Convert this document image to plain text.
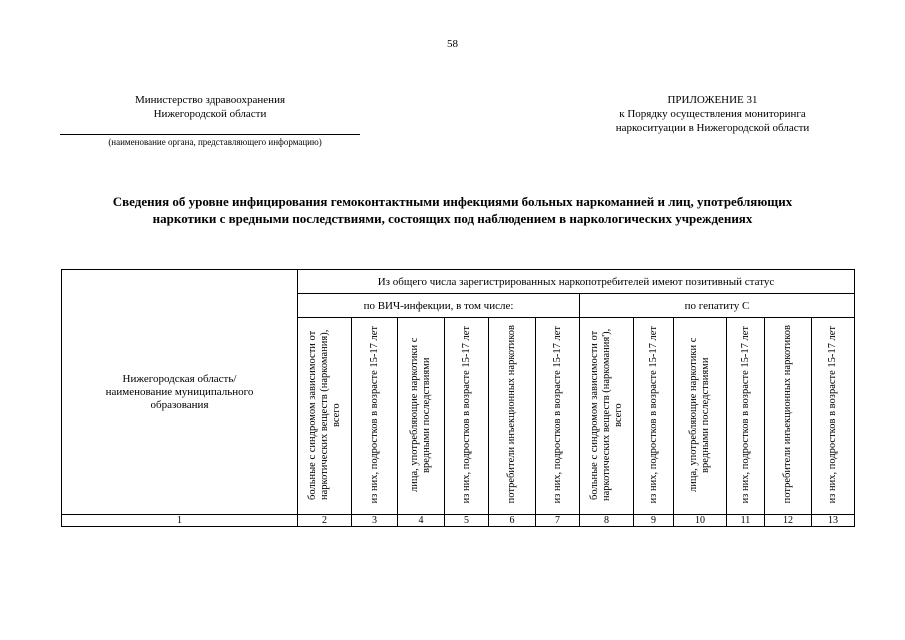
58
Министерство здравоохранения
Нижегородской области
(наименование органа, представляющего информацию)
ПРИЛОЖЕНИЕ 31
к Порядку осуществления мониторинга
наркоситуации в Нижегородской области
Сведения об уровне инфицирования гемоконтактными инфекциями больных наркоманией и лиц, употребляющих наркотики с вредными последствиями, состоящих под наблюдением в наркологических учреждениях
Нижегородская область/ наименование муниципального образования	Из общего числа зарегистрированных наркопотребителей имеют позитивный статус											
	по ВИЧ-инфекции, в том числе:						по гепатиту С					
	больные с синдромом зависимости от наркотических веществ (наркомания), всего	из них, подростков в возрасте 15-17 лет	лица, употребляющие наркотики с вредными последствиями	из них, подростков в возрасте 15-17 лет	потребители инъекционных наркотиков	из них, подростков в возрасте 15-17 лет	больные с синдромом зависимости от наркотических веществ (наркомания'), всего	из них, подростков в возрасте 15-17 лет	лица, употребляющие наркотики с вредными последствиями	из них, подростков в возрасте 15-17 лет	потребители инъекционных наркотиков	из них, подростков в возрасте 15-17 лет
1	2	3	4	5	6	7	8	9	10	11	12	13
